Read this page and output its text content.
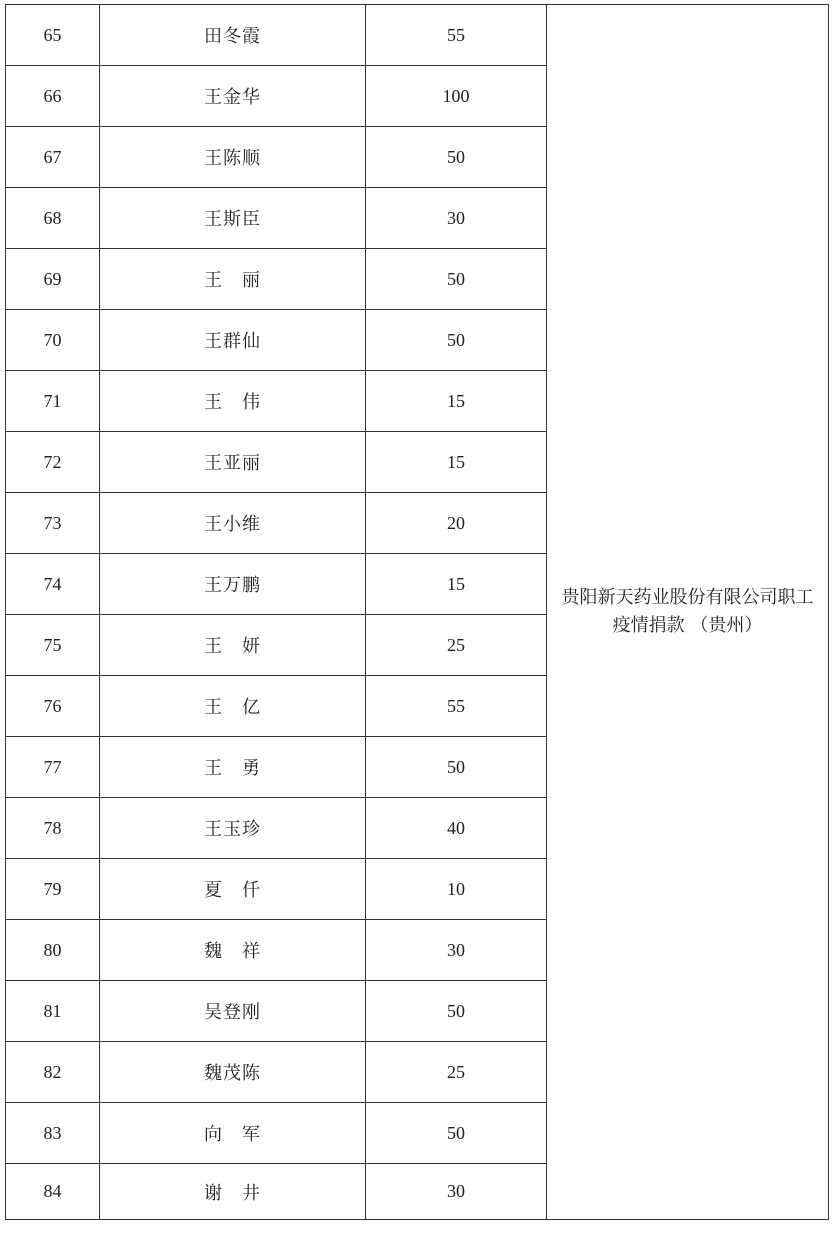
65	田冬霞	55	贵阳新天药业股份有限公司职工疫情捐款 （贵州）
66	王金华	100	
67	王陈顺	50	
68	王斯臣	30	
69	王　丽	50	
70	王群仙	50	
71	王　伟	15	
72	王亚丽	15	
73	王小维	20	
74	王万鹏	15	
75	王　妍	25	
76	王　亿	55	
77	王　勇	50	
78	王玉珍	40	
79	夏　仟	10	
80	魏　祥	30	
81	吴登刚	50	
82	魏茂陈	25	
83	向　军	50	
84	谢　井	30	
